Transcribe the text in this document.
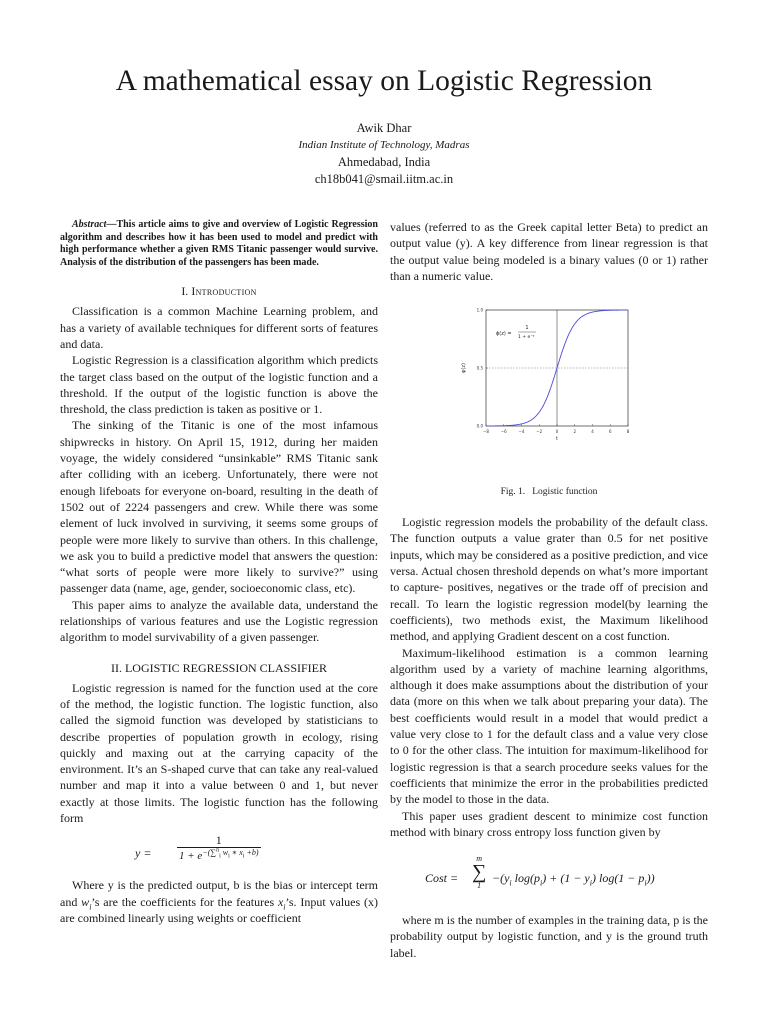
A mathematical essay on Logistic Regression
Awik Dhar
Indian Institute of Technology, Madras
Ahmedabad, India
ch18b041@smail.iitm.ac.in

Abstract—This article aims to give and overview of Logistic Regression algorithm and describes how it has been used to model and predict with high performance whether a given RMS Titanic passenger would survive. Analysis of the distribution of the passengers has been made.

I. Introduction

Classification is a common Machine Learning problem, and has a variety of available techniques for different sorts of features and data.

Logistic Regression is a classification algorithm which predicts the target class based on the output of the logistic function and a threshold. If the output of the logistic function is above the threshold, the class prediction is taken as positive or 1.

The sinking of the Titanic is one of the most infamous shipwrecks in history. On April 15, 1912, during her maiden voyage, the widely considered “unsinkable” RMS Titanic sank after colliding with an iceberg. Unfortunately, there were not enough lifeboats for everyone on-board, resulting in the death of 1502 out of 2224 passengers and crew. While there was some element of luck involved in surviving, it seems some groups of people were more likely to survive than others. In this challenge, we ask you to build a predictive model that answers the question: “what sorts of people were more likely to survive?” using passenger data (name, age, gender, socioeconomic class, etc).

This paper aims to analyze the available data, understand the relationships of various features and use the Logistic regression algorithm to model survivability of a given passenger.

II. LOGISTIC REGRESSION CLASSIFIER

Logistic regression is named for the function used at the core of the method, the logistic function. The logistic function, also called the sigmoid function was developed by statisticians to describe properties of population growth in ecology, rising quickly and maxing out at the carrying capacity of the environment. It’s an S-shaped curve that can take any real-valued number and map it into a value between 0 and 1, but never exactly at those limits. The logistic function has the following form

$y = \frac{1}{1 + e^{-(\sum^n_i w_i ∗ x_i +b)}}$

Where y is the predicted output, b is the bias or intercept term and $w_i’s$ are the coefficients for the features $x_i’s$. Input values (x) are combined linearly using weights or coefficient

values (referred to as the Greek capital letter Beta) to predict an output value (y). A key difference from linear regression is that the output value being modeled is a binary values (0 or 1) rather than a numeric value.

0.0
0.5
1.0
−8	−6	−4	−2	0	2	4	6	8
φ(z)
t
ϕ(z) =
1
$1 + e^{-z}$
Fig. 1. Logistic function

Logistic regression models the probability of the default class. The function outputs a value grater than 0.5 for net positive inputs, which may be considered as a positive prediction, and vice versa. Actual chosen threshold depends on what’s more important to capture- positives, negatives or the trade off of precision and recall. To learn the logistic regression model(by learning the coefficients), two methods exist, the Maximum likelihood method, and applying Gradient descent on a cost function.

Maximum-likelihood estimation is a common learning algorithm used by a variety of machine learning algorithms, although it does make assumptions about the distribution of your data (more on this when we talk about preparing your data). The best coefficients would result in a model that would predict a value very close to 1 for the default class and a value very close to 0 for the other class. The intuition for maximum-likelihood for logistic regression is that a search procedure seeks values for the coefficients that minimize the error in the probabilities predicted by the model to those in the data.

This paper uses gradient descent to minimize cost function method with binary cross entropy loss function given by

Cost =
m
∑
1
$-(y_i$ $\log(p_i) + (1 - y_i) \log(1 - p_i)$)

where m is the number of examples in the training data, p is the probability output by logistic function, and y is the ground truth label.
